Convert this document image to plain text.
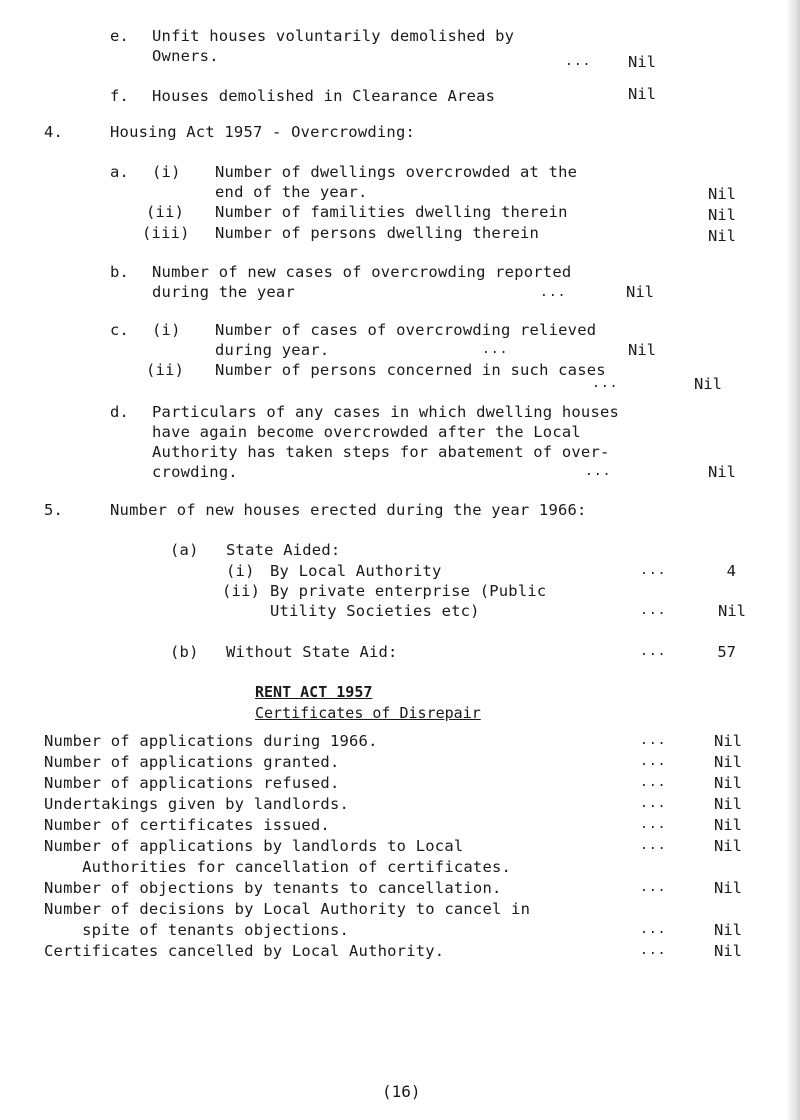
e. Unfit houses voluntarily demolished by
Owners.	...	Nil
f. Houses demolished in Clearance Areas	Nil
4.	Housing Act 1957 - Overcrowding:
a. (i) Number of dwellings overcrowded at the
end of the year.	Nil
(ii) Number of familities dwelling therein	Nil
(iii) Number of persons dwelling therein	Nil
b. Number of new cases of overcrowding reported
during the year	...	Nil
c. (i) Number of cases of overcrowding relieved
during year.	...	Nil
(ii) Number of persons concerned in such cases
...	Nil
d. Particulars of any cases in which dwelling houses
have again become overcrowded after the Local
Authority has taken steps for abatement of over-
crowding.	...	Nil
5.	Number of new houses erected during the year 1966:
(a) State Aided:
(i) By Local Authority	...	4
(ii) By private enterprise (Public
Utility Societies etc)	...	Nil
(b) Without State Aid:	...	57
RENT ACT 1957
Certificates of Disrepair
Number of applications during 1966.	...	Nil
Number of applications granted.	...	Nil
Number of applications refused.	...	Nil
Undertakings given by landlords.	...	Nil
Number of certificates issued.	...	Nil
Number of applications by landlords to Local
Authorities for cancellation of certificates.
...	Nil
Number of objections by tenants to cancellation.	...	Nil
Number of decisions by Local Authority to cancel in
spite of tenants objections.	...	Nil
Certificates cancelled by Local Authority.	...	Nil
(16)
